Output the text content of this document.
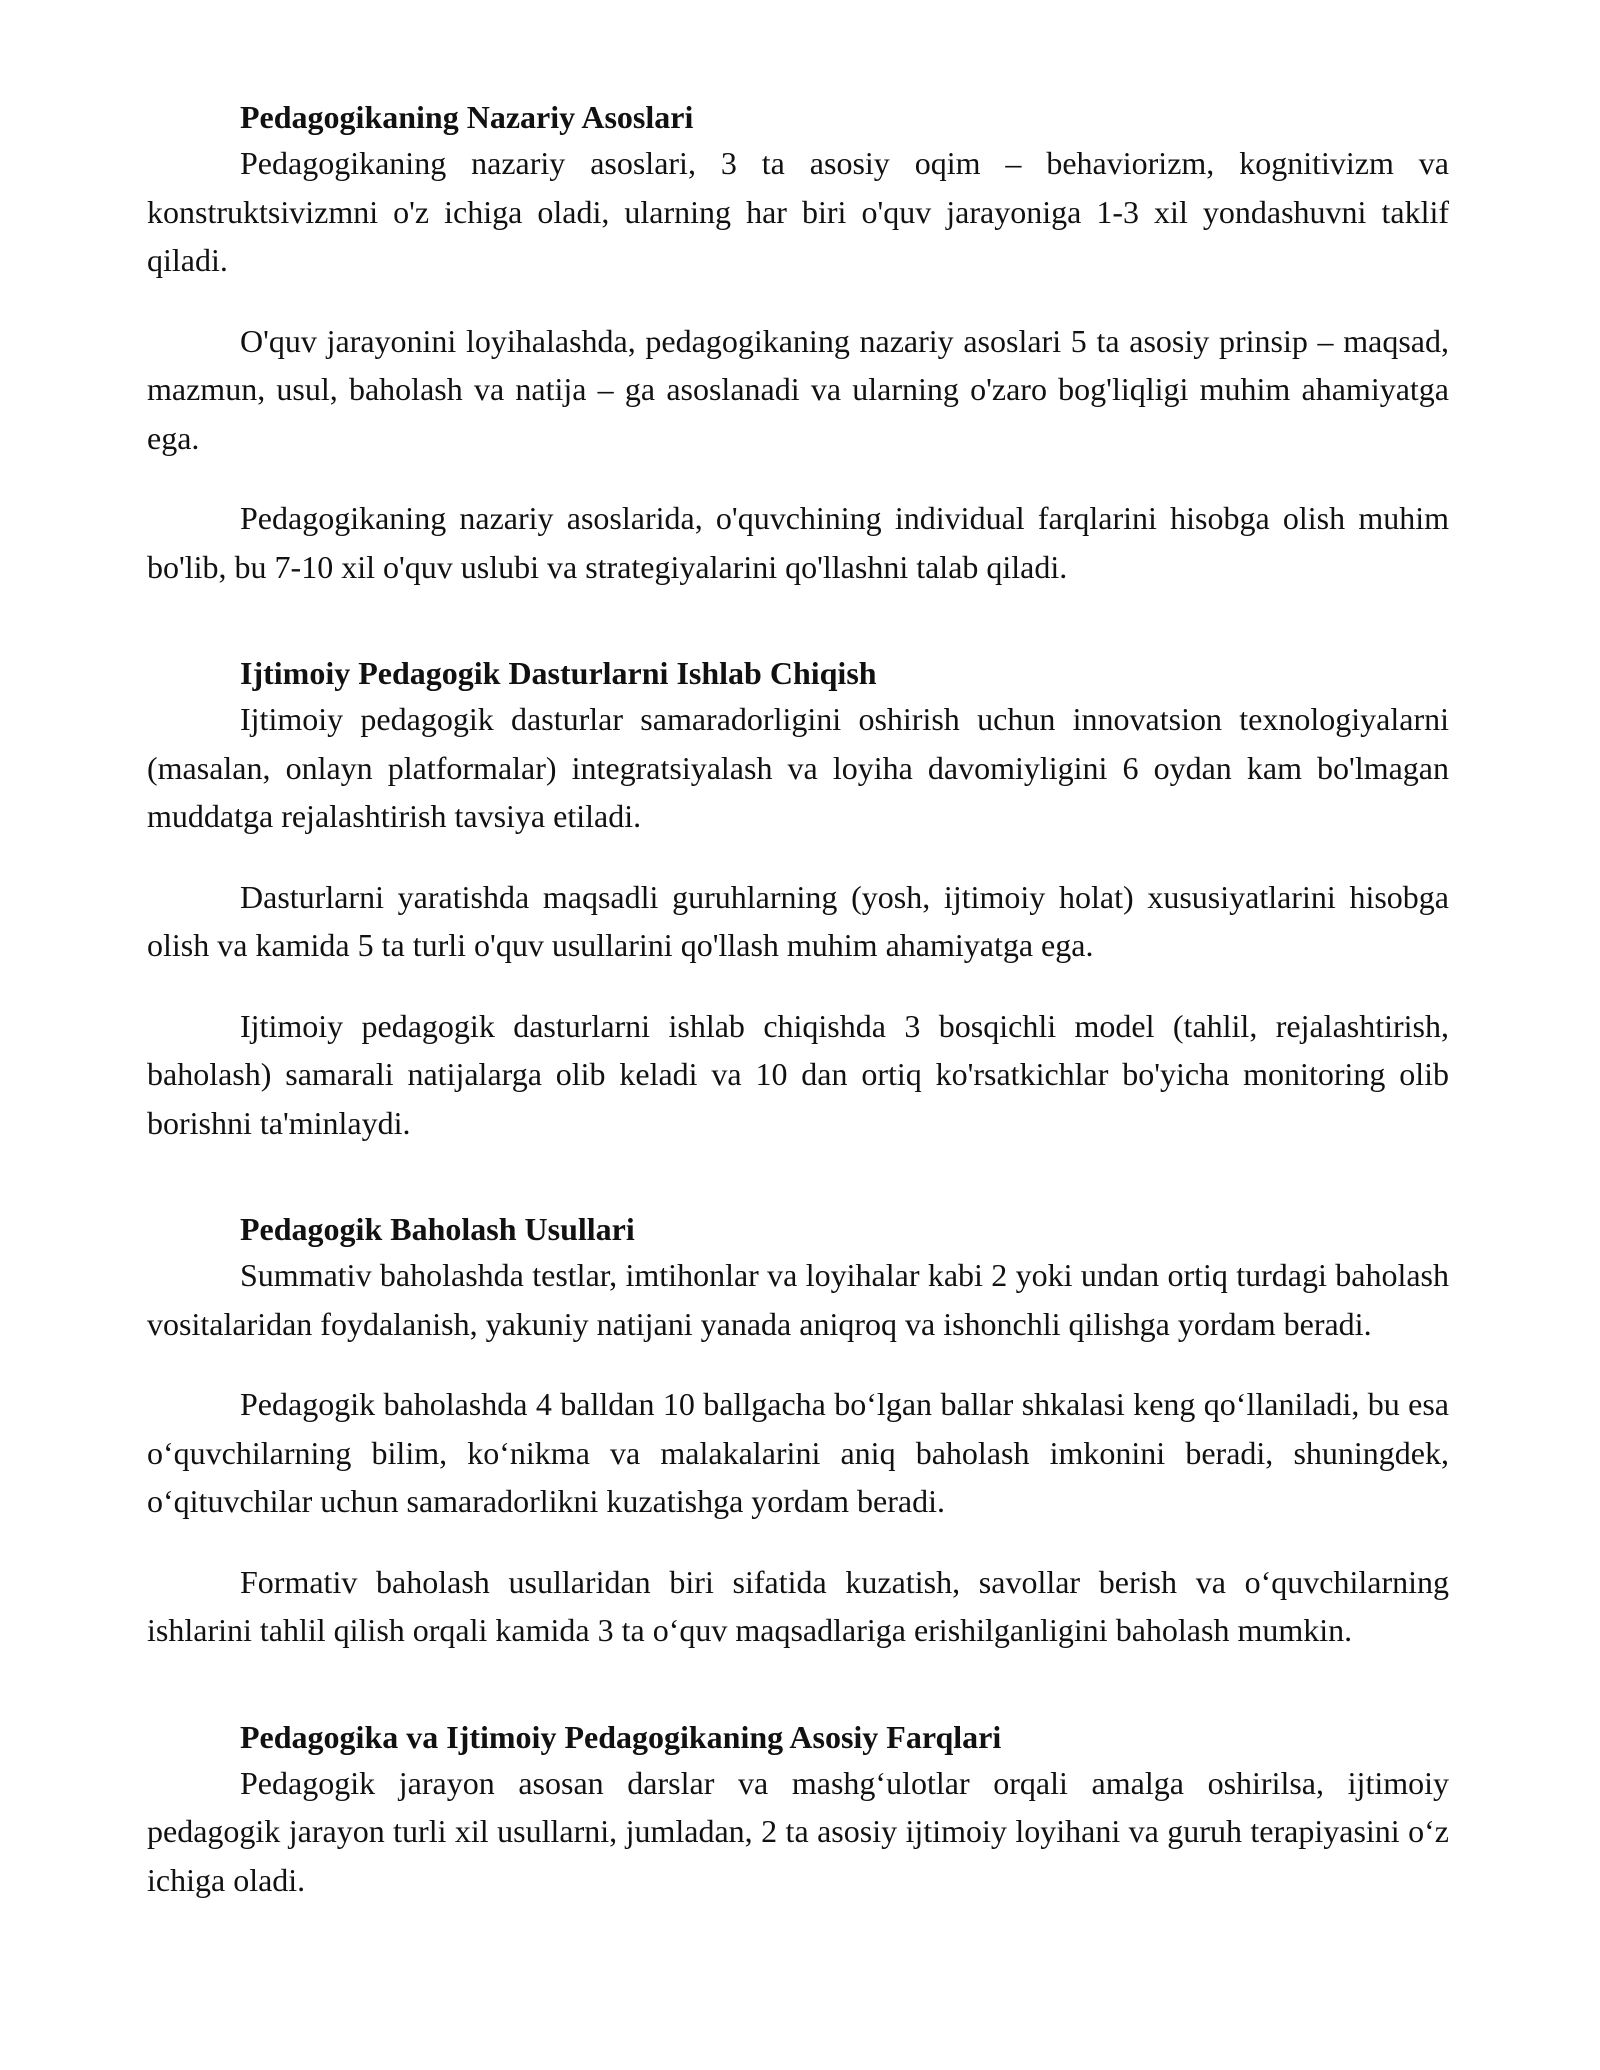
Pedagogikaning Nazariy Asoslari

Pedagogikaning nazariy asoslari, 3 ta asosiy oqim – behaviorizm, kognitivizm va konstruktsivizmni o'z ichiga oladi, ularning har biri o'quv jarayoniga 1-3 xil yondashuvni taklif qiladi.

O'quv jarayonini loyihalashda, pedagogikaning nazariy asoslari 5 ta asosiy prinsip – maqsad, mazmun, usul, baholash va natija – ga asoslanadi va ularning o'zaro bog'liqligi muhim ahamiyatga ega.

Pedagogikaning nazariy asoslarida, o'quvchining individual farqlarini hisobga olish muhim bo'lib, bu 7-10 xil o'quv uslubi va strategiyalarini qo'llashni talab qiladi.

Ijtimoiy Pedagogik Dasturlarni Ishlab Chiqish

Ijtimoiy pedagogik dasturlar samaradorligini oshirish uchun innovatsion texnologiyalarni (masalan, onlayn platformalar) integratsiyalash va loyiha davomiyligini 6 oydan kam bo'lmagan muddatga rejalashtirish tavsiya etiladi.

Dasturlarni yaratishda maqsadli guruhlarning (yosh, ijtimoiy holat) xususiyatlarini hisobga olish va kamida 5 ta turli o'quv usullarini qo'llash muhim ahamiyatga ega.

Ijtimoiy pedagogik dasturlarni ishlab chiqishda 3 bosqichli model (tahlil, rejalashtirish, baholash) samarali natijalarga olib keladi va 10 dan ortiq ko'rsatkichlar bo'yicha monitoring olib borishni ta'minlaydi.

Pedagogik Baholash Usullari

Summativ baholashda testlar, imtihonlar va loyihalar kabi 2 yoki undan ortiq turdagi baholash vositalaridan foydalanish, yakuniy natijani yanada aniqroq va ishonchli qilishga yordam beradi.

Pedagogik baholashda 4 balldan 10 ballgacha bo‘lgan ballar shkalasi keng qo‘llaniladi, bu esa o‘quvchilarning bilim, ko‘nikma va malakalarini aniq baholash imkonini beradi, shuningdek, o‘qituvchilar uchun samaradorlikni kuzatishga yordam beradi.

Formativ baholash usullaridan biri sifatida kuzatish, savollar berish va o‘quvchilarning ishlarini tahlil qilish orqali kamida 3 ta o‘quv maqsadlariga erishilganligini baholash mumkin.

Pedagogika va Ijtimoiy Pedagogikaning Asosiy Farqlari

Pedagogik jarayon asosan darslar va mashg‘ulotlar orqali amalga oshirilsa, ijtimoiy pedagogik jarayon turli xil usullarni, jumladan, 2 ta asosiy ijtimoiy loyihani va guruh terapiyasini o‘z ichiga oladi.
